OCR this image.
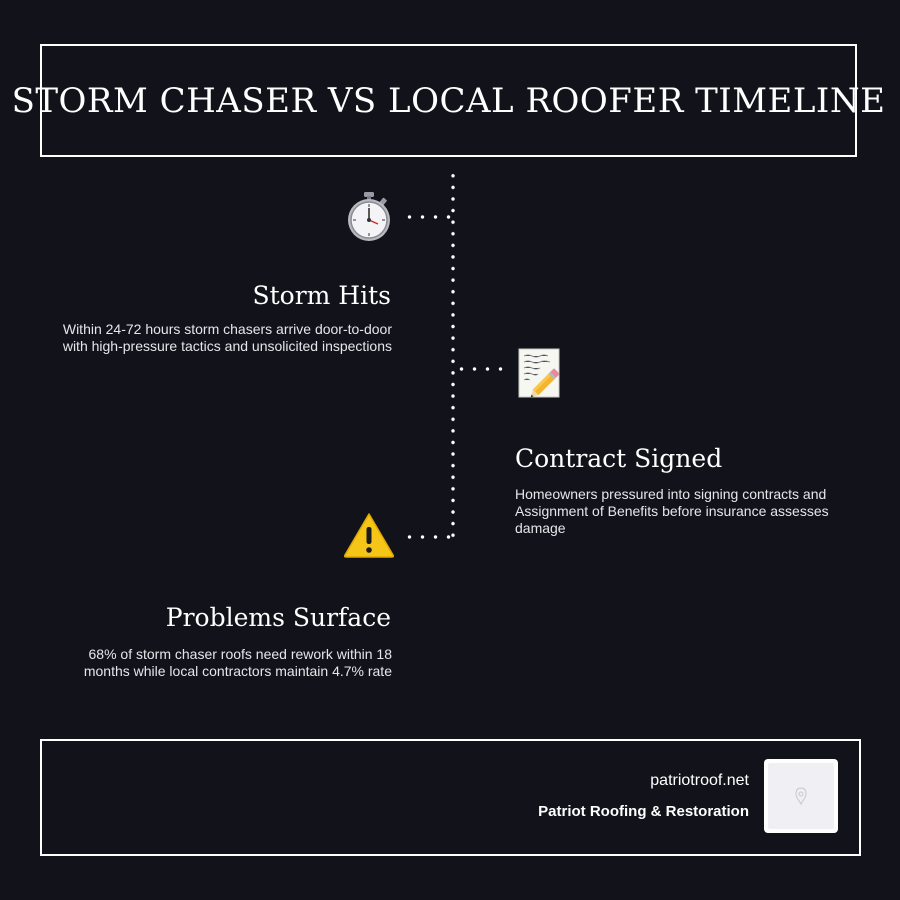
STORM CHASER VS LOCAL ROOFER TIMELINE
Storm Hits

Within 24-72 hours storm chasers arrive door-to-door with high-pressure tactics and unsolicited inspections

Contract Signed

Homeowners pressured into signing contracts and Assignment of Benefits before insurance assesses damage

Problems Surface

68% of storm chaser roofs need rework within 18 months while local contractors maintain 4.7% rate

patriotroof.net
Patriot Roofing & Restoration
